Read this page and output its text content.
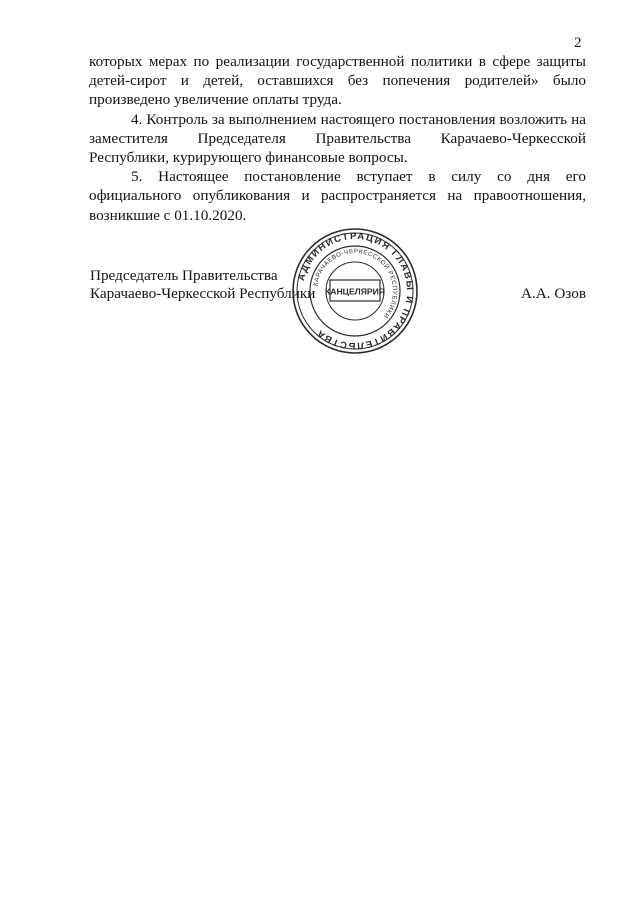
2

которых мерах по реализации государственной политики в сфере защиты детей-сирот и детей, оставшихся без попечения родителей» было произведено увеличение оплаты труда.

4. Контроль за выполнением настоящего постановления возложить на заместителя Председателя Правительства Карачаево-Черкесской Республики, курирующего финансовые вопросы.

5. Настоящее постановление вступает в силу со дня его официального опубликования и распространяется на правоотношения, возникшие с 01.10.2020.

Председатель Правительства
Карачаево-Черкесской Республики
АДМИНИСТРАЦИЯ ГЛАВЫ И ПРАВИТЕЛЬСТВА
КАРАЧАЕВО-ЧЕРКЕССКОЙ РЕСПУБЛИКИ
КАНЦЕЛЯРИЯ	А.А. Озов
